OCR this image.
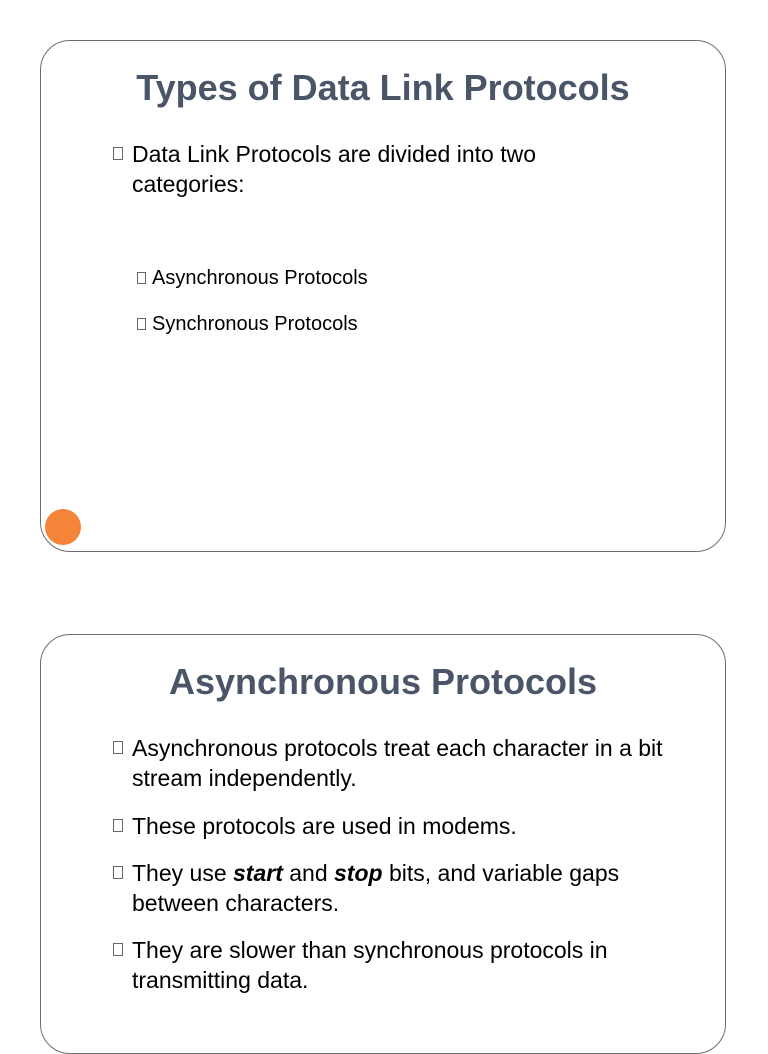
Types of Data Link Protocols
Data Link Protocols are divided into two categories:
Asynchronous Protocols
Synchronous Protocols
Asynchronous Protocols
Asynchronous protocols treat each character in a bit stream independently.
These protocols are used in modems.
They use start and stop bits, and variable gaps between characters.
They are slower than synchronous protocols in transmitting data.
